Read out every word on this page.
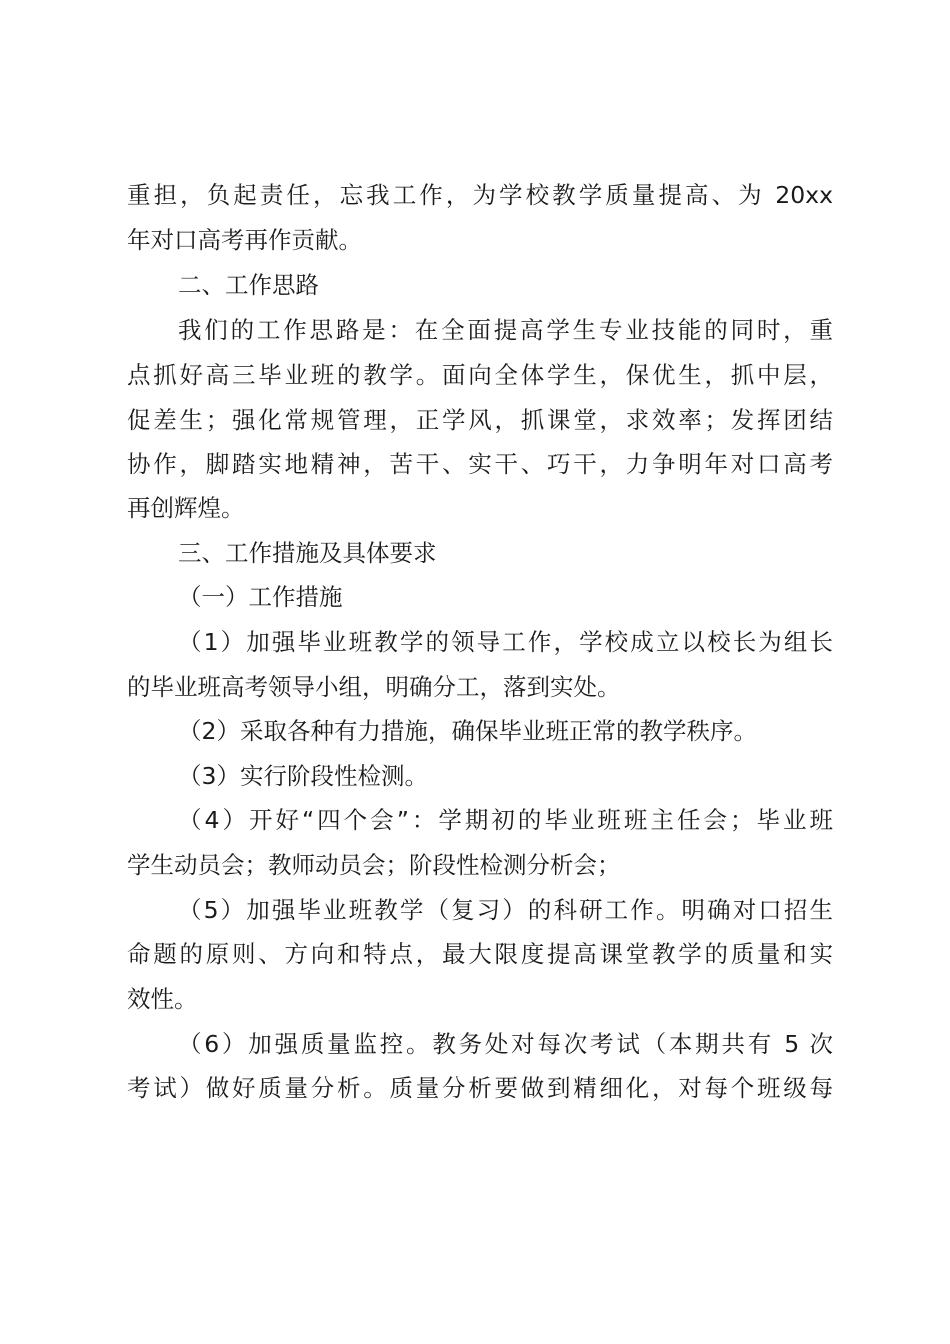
重担，负起责任，忘我工作，为学校教学质量提高、为 20xx
年对口高考再作贡献。
二、工作思路
我们的工作思路是：在全面提高学生专业技能的同时，重
点抓好高三毕业班的教学。面向全体学生，保优生，抓中层，
促差生；强化常规管理，正学风，抓课堂，求效率；发挥团结
协作，脚踏实地精神，苦干、实干、巧干，力争明年对口高考
再创辉煌。
三、工作措施及具体要求
（一）工作措施
（1）加强毕业班教学的领导工作，学校成立以校长为组长
的毕业班高考领导小组，明确分工，落到实处。
（2）采取各种有力措施，确保毕业班正常的教学秩序。
（3）实行阶段性检测。
（4）开好“四个会”：学期初的毕业班班主任会；毕业班
学生动员会；教师动员会；阶段性检测分析会；
（5）加强毕业班教学（复习）的科研工作。明确对口招生
命题的原则、方向和特点，最大限度提高课堂教学的质量和实
效性。
（6）加强质量监控。教务处对每次考试（本期共有 5 次
考试）做好质量分析。质量分析要做到精细化，对每个班级每
